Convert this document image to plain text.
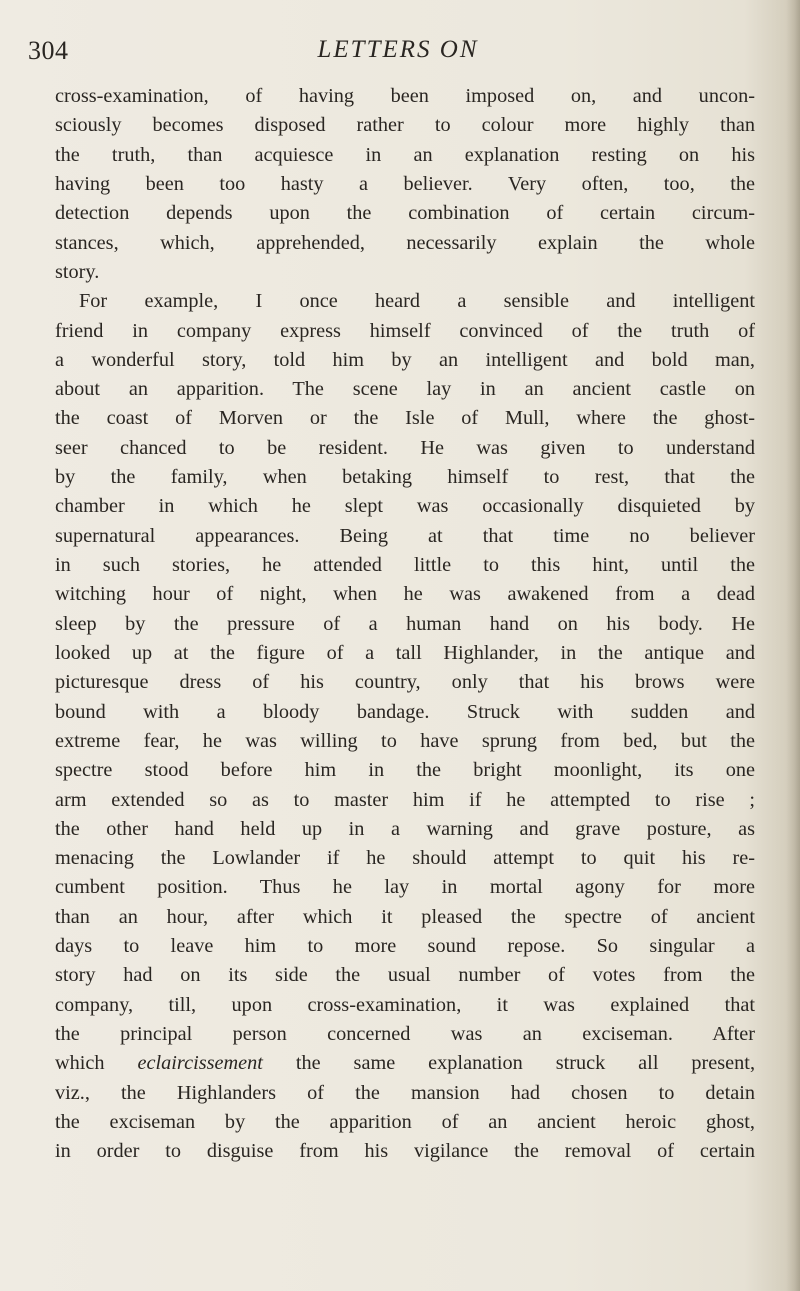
304	LETTERS ON
cross-examination, of having been imposed on, and uncon-
sciously becomes disposed rather to colour more highly than
the truth, than acquiesce in an explanation resting on his
having been too hasty a believer. Very often, too, the
detection depends upon the combination of certain circum-
stances, which, apprehended, necessarily explain the whole
story.
For example, I once heard a sensible and intelligent
friend in company express himself convinced of the truth of
a wonderful story, told him by an intelligent and bold man,
about an apparition. The scene lay in an ancient castle on
the coast of Morven or the Isle of Mull, where the ghost-
seer chanced to be resident. He was given to understand
by the family, when betaking himself to rest, that the
chamber in which he slept was occasionally disquieted by
supernatural appearances. Being at that time no believer
in such stories, he attended little to this hint, until the
witching hour of night, when he was awakened from a dead
sleep by the pressure of a human hand on his body. He
looked up at the figure of a tall Highlander, in the antique and
picturesque dress of his country, only that his brows were
bound with a bloody bandage. Struck with sudden and
extreme fear, he was willing to have sprung from bed, but the
spectre stood before him in the bright moonlight, its one
arm extended so as to master him if he attempted to rise ;
the other hand held up in a warning and grave posture, as
menacing the Lowlander if he should attempt to quit his re-
cumbent position. Thus he lay in mortal agony for more
than an hour, after which it pleased the spectre of ancient
days to leave him to more sound repose. So singular a
story had on its side the usual number of votes from the
company, till, upon cross-examination, it was explained that
the principal person concerned was an exciseman. After
which eclaircissement the same explanation struck all present,
viz., the Highlanders of the mansion had chosen to detain
the exciseman by the apparition of an ancient heroic ghost,
in order to disguise from his vigilance the removal of certain
